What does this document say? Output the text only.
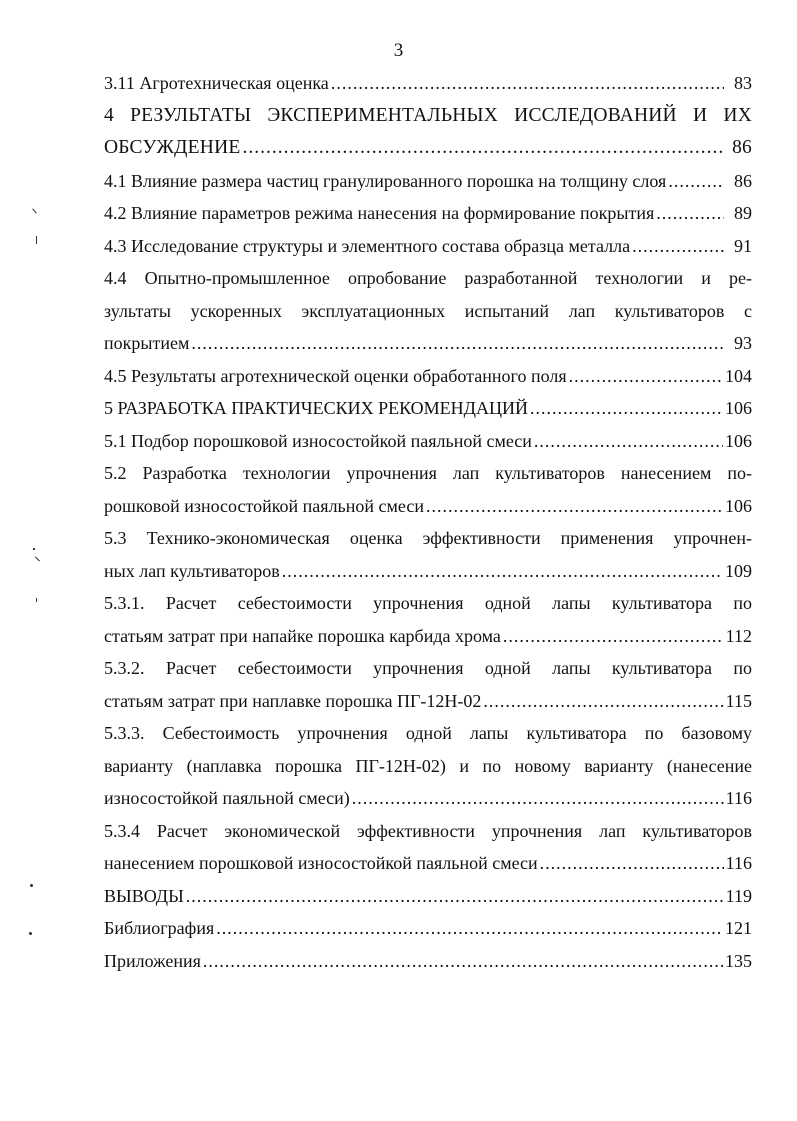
3
3.11 Агротехническая оценка .....	83
4 РЕЗУЛЬТАТЫ ЭКСПЕРИМЕНТАЛЬНЫХ ИССЛЕДОВАНИЙ И ИХ
ОБСУЖДЕНИЕ .....	86
4.1 Влияние размера частиц гранулированного порошка на толщину слоя .....	86
4.2 Влияние параметров режима нанесения на формирование покрытия .....	89
4.3 Исследование структуры и элементного состава образца металла .....	91
4.4 Опытно-промышленное опробование разработанной технологии и ре-
зультаты ускоренных эксплуатационных испытаний лап культиваторов с
покрытием .....	93
4.5 Результаты агротехнической оценки обработанного поля .....	104
5 РАЗРАБОТКА ПРАКТИЧЕСКИХ РЕКОМЕНДАЦИЙ .....	106
5.1 Подбор порошковой износостойкой паяльной смеси .....	106
5.2 Разработка технологии упрочнения лап культиваторов нанесением по-
рошковой износостойкой паяльной смеси .....	106
5.3 Технико-экономическая оценка эффективности применения упрочнен-
ных лап культиваторов .....	109
5.3.1. Расчет себестоимости упрочнения одной лапы культиватора по
статьям затрат при напайке порошка карбида хрома .....	112
5.3.2. Расчет себестоимости упрочнения одной лапы культиватора по
статьям затрат при наплавке порошка ПГ-12Н-02 .....	115
5.3.3. Себестоимость упрочнения одной лапы культиватора по базовому
варианту (наплавка порошка ПГ-12Н-02) и по новому варианту (нанесение
износостойкой паяльной смеси) .....	116
5.3.4 Расчет экономической эффективности упрочнения лап культиваторов
нанесением порошковой износостойкой паяльной смеси .....	116
ВЫВОДЫ .....	119
Библиография .....	121
Приложения .....	135
